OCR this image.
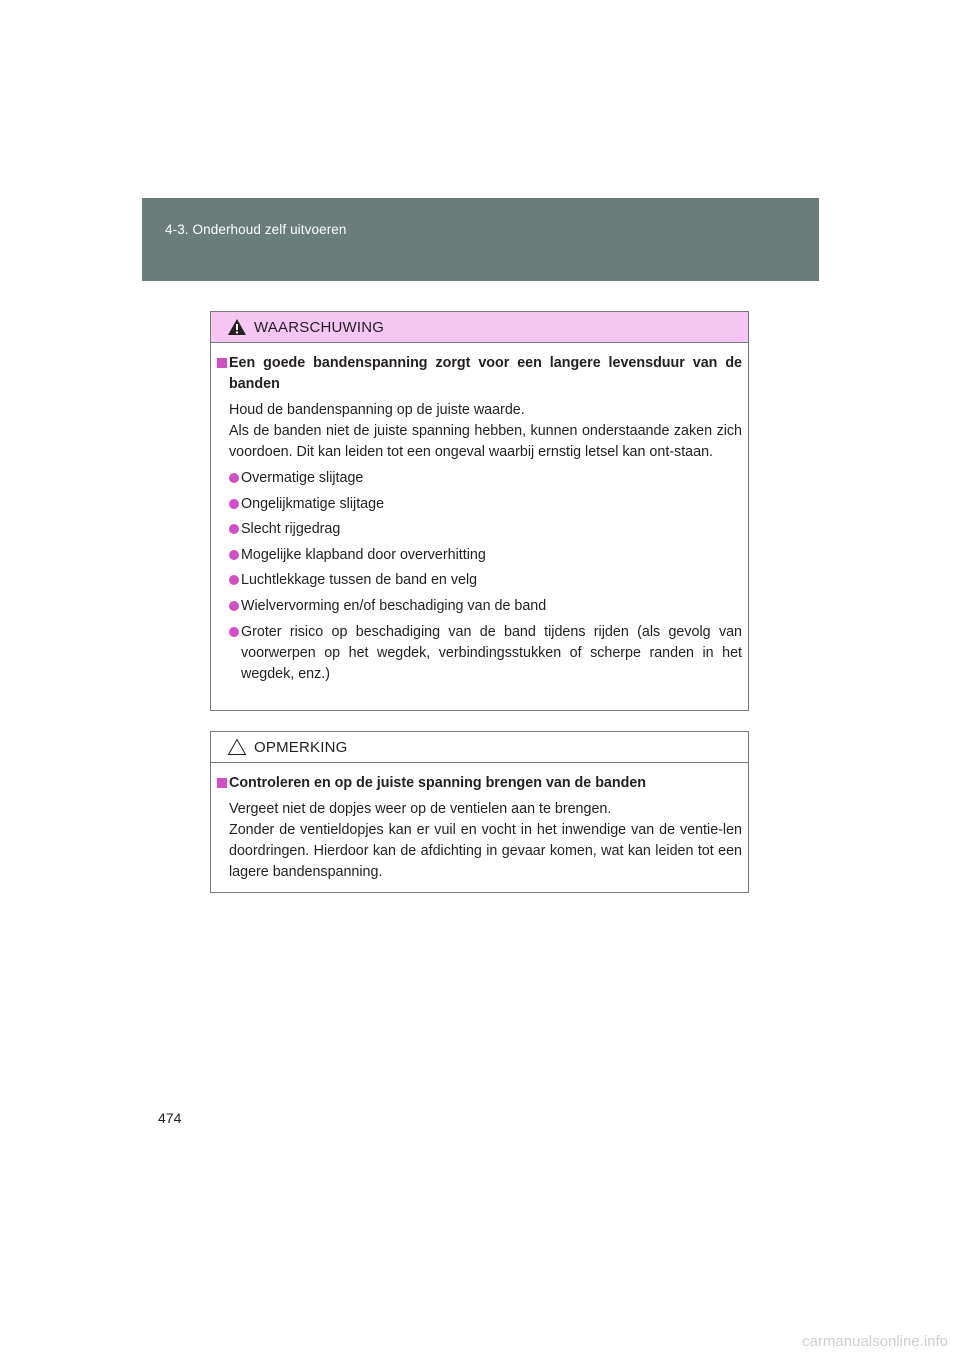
4-3. Onderhoud zelf uitvoeren
WAARSCHUWING
Een goede bandenspanning zorgt voor een langere levensduur van de banden
Houd de bandenspanning op de juiste waarde.
Als de banden niet de juiste spanning hebben, kunnen onderstaande zaken zich voordoen. Dit kan leiden tot een ongeval waarbij ernstig letsel kan ont-staan.
Overmatige slijtage
Ongelijkmatige slijtage
Slecht rijgedrag
Mogelijke klapband door oververhitting
Luchtlekkage tussen de band en velg
Wielvervorming en/of beschadiging van de band
Groter risico op beschadiging van de band tijdens rijden (als gevolg van voorwerpen op het wegdek, verbindingsstukken of scherpe randen in het wegdek, enz.)
OPMERKING
Controleren en op de juiste spanning brengen van de banden
Vergeet niet de dopjes weer op de ventielen aan te brengen.
Zonder de ventieldopjes kan er vuil en vocht in het inwendige van de ventie-len doordringen. Hierdoor kan de afdichting in gevaar komen, wat kan leiden tot een lagere bandenspanning.
474
carmanualsonline.info
